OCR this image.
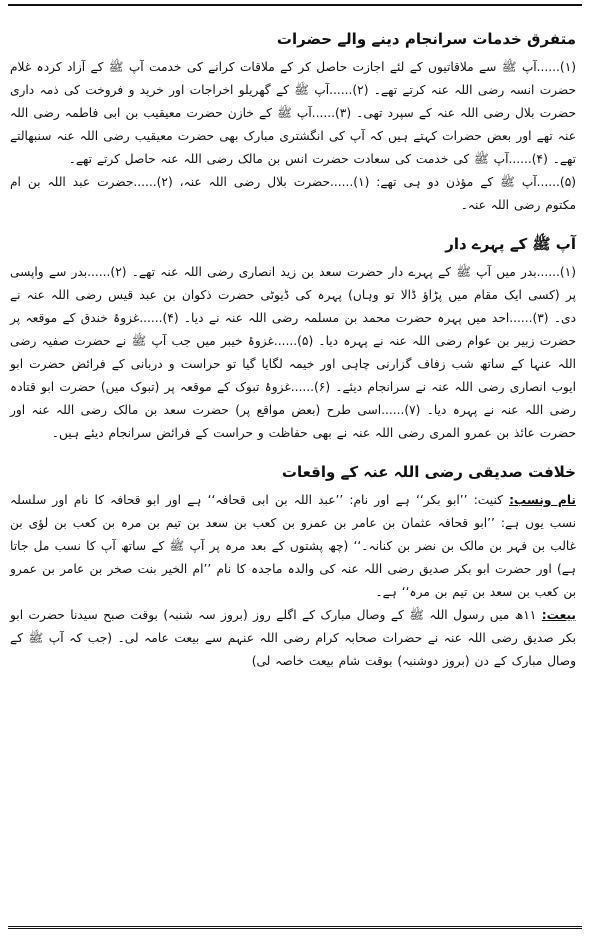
متفرق خدمات سرانجام دینے والے حضرات

(۱)......آپ ﷺ سے ملاقاتیوں کے لئے اجازت حاصل کر کے ملاقات کرانے کی خدمت آپ ﷺ کے آزاد کردہ غلام حضرت انسہ رضی اللہ عنہ کرتے تھے۔ (۲)......آپ ﷺ کے گھریلو اخراجات اور خرید و فروخت کی ذمہ داری حضرت بلال رضی اللہ عنہ کے سپرد تھی۔ (۳)......آپ ﷺ کے خازن حضرت معیقیب بن ابی فاطمہ رضی اللہ عنہ تھے اور بعض حضرات کہتے ہیں کہ آپ کی انگشتری مبارک بھی حضرت معیقیب رضی اللہ عنہ سنبھالتے تھے۔ (۴)......آپ ﷺ کی خدمت کی سعادت حضرت انس بن مالک رضی اللہ عنہ حاصل کرتے تھے۔

(۵)......آپ ﷺ کے مؤذن دو ہی تھے: (۱)......حضرت بلال رضی اللہ عنہ، (۲)......حضرت عبد اللہ بن ام مکتوم رضی اللہ عنہ۔

آپ ﷺ کے پہرے دار

(۱)......بدر میں آپ ﷺ کے پہرے دار حضرت سعد بن زید انصاری رضی اللہ عنہ تھے۔ (۲)......بدر سے واپسی پر (کسی ایک مقام میں پڑاؤ ڈالا تو وہاں) پہرہ کی ڈیوٹی حضرت ذکوان بن عبد قیس رضی اللہ عنہ نے دی۔ (۳)......احد میں پہرہ حضرت محمد بن مسلمہ رضی اللہ عنہ نے دیا۔ (۴)......غزوۂ خندق کے موقعہ پر حضرت زبیر بن عوام رضی اللہ عنہ نے پہرہ دیا۔ (۵)......غزوۂ خیبر میں جب آپ ﷺ نے حضرت صفیہ رضی اللہ عنہا کے ساتھ شب زفاف گزارنی چاہی اور خیمہ لگایا گیا تو حراست و دربانی کے فرائض حضرت ابو ایوب انصاری رضی اللہ عنہ نے سرانجام دیئے۔ (۶)......غزوۂ تبوک کے موقعہ پر (تبوک میں) حضرت ابو قتادہ رضی اللہ عنہ نے پہرہ دیا۔ (۷)......اسی طرح (بعض مواقع پر) حضرت سعد بن مالک رضی اللہ عنہ اور حضرت عائذ بن عمرو المری رضی اللہ عنہ نے بھی حفاظت و حراست کے فرائض سرانجام دیئے ہیں۔

خلافت صدیقی رضی اللہ عنہ کے واقعات

نام ونسب: کنیت: ’’ابو بکر‘‘ ہے اور نام: ’’عبد اللہ بن ابی قحافہ‘‘ ہے اور ابو قحافہ کا نام اور سلسلہ نسب یوں ہے: ’’ابو قحافہ عثمان بن عامر بن عمرو بن کعب بن سعد بن تیم بن مرہ بن کعب بن لؤی بن غالب بن فہر بن مالک بن نضر بن کنانہ۔‘‘ (چھ پشتوں کے بعد مرہ پر آپ ﷺ کے ساتھ آپ کا نسب مل جاتا ہے) اور حضرت ابو بکر صدیق رضی اللہ عنہ کی والدہ ماجدہ کا نام ’’ام الخیر بنت صخر بن عامر بن عمرو بن کعب بن سعد بن تیم بن مرہ‘‘ ہے۔

بیعت: ۱۱ھ میں رسول اللہ ﷺ کے وصال مبارک کے اگلے روز (بروز سہ شنبہ) بوقت صبح سیدنا حضرت ابو بکر صدیق رضی اللہ عنہ نے حضرات صحابہ کرام رضی اللہ عنہم سے بیعت عامہ لی۔ (جب کہ آپ ﷺ کے وصال مبارک کے دن (بروز دوشنبہ) بوقت شام بیعت خاصہ لی)
